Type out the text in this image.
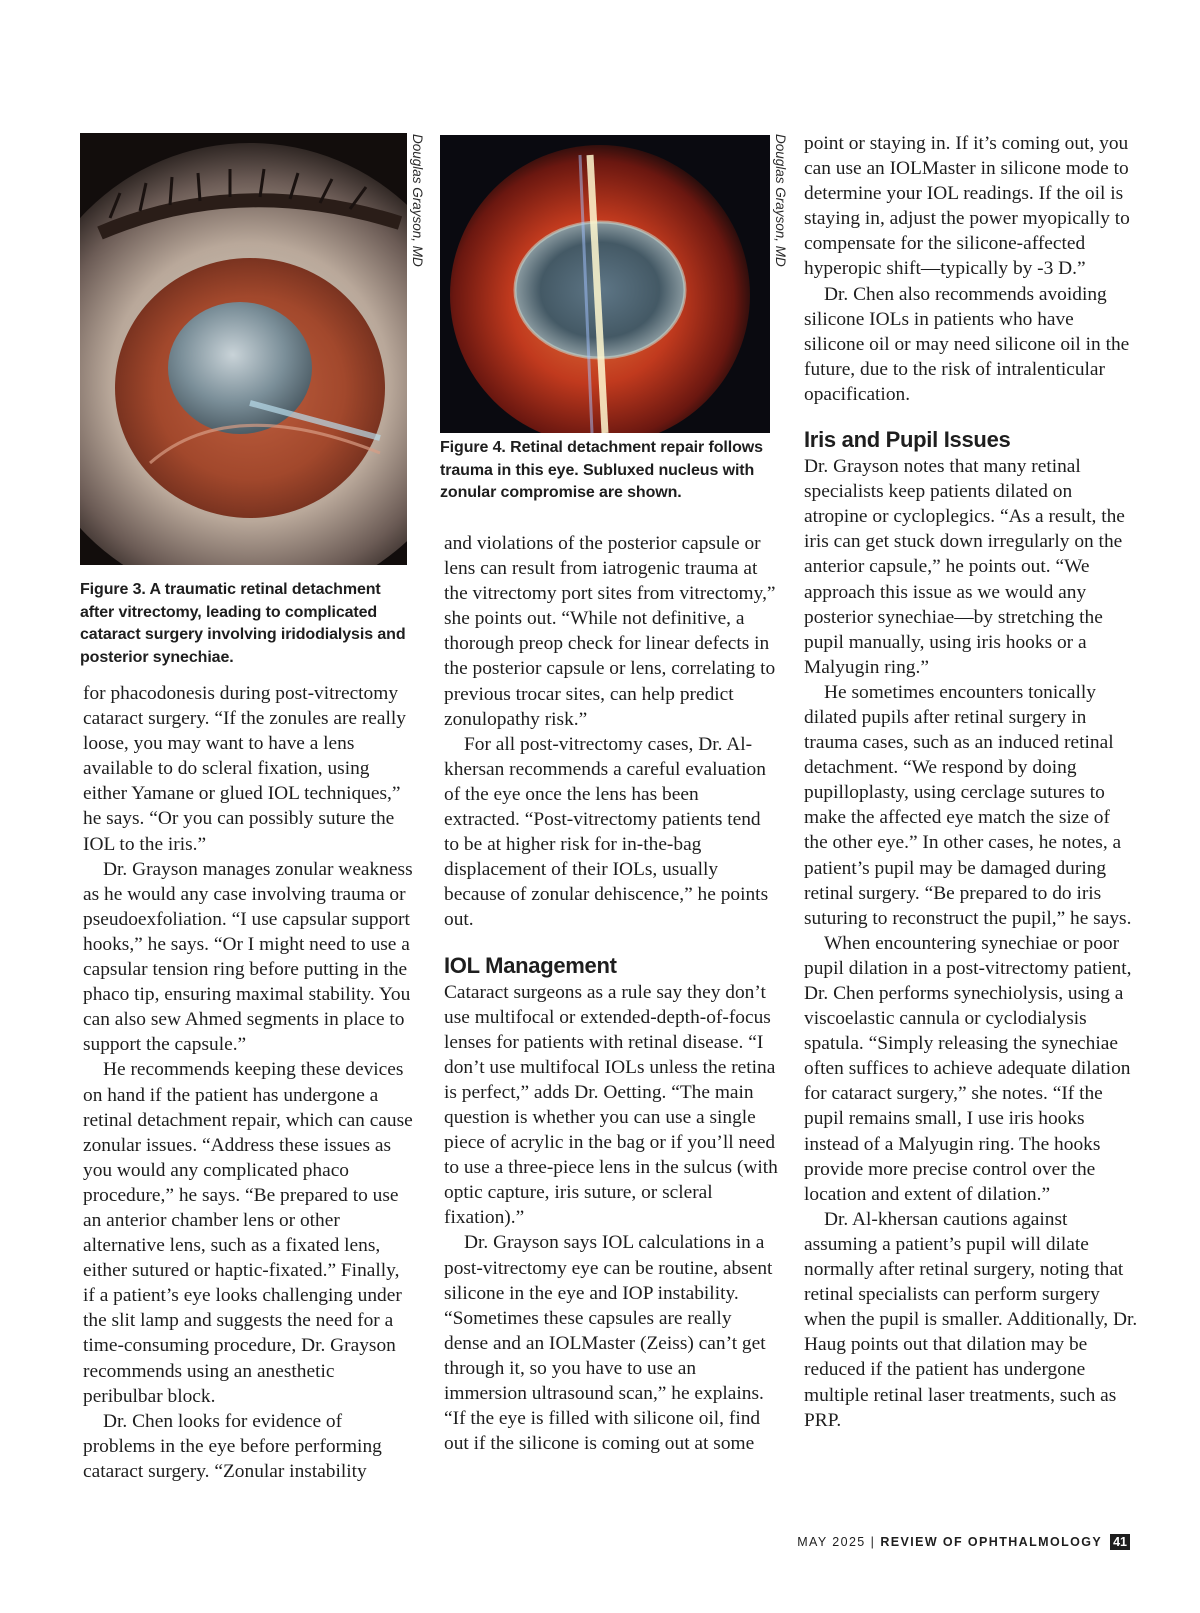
Douglas Grayson, MD
Figure 3. A traumatic retinal detachment after vitrectomy, leading to complicated cataract surgery involving iridodialysis and posterior synechiae.
Douglas Grayson, MD
Figure 4. Retinal detachment repair follows trauma in this eye. Subluxed nucleus with zonular compromise are shown.

for phacodonesis during post-vitrectomy cataract surgery. “If the zonules are really loose, you may want to have a lens available to do scleral fixation, using either Yamane or glued IOL techniques,” he says. “Or you can possibly suture the IOL to the iris.”

Dr. Grayson manages zonular weakness as he would any case involving trauma or pseudoexfoliation. “I use capsular support hooks,” he says. “Or I might need to use a capsular tension ring before putting in the phaco tip, ensuring maximal stability. You can also sew Ahmed segments in place to support the capsule.”

He recommends keeping these devices on hand if the patient has undergone a retinal detachment repair, which can cause zonular issues. “Address these issues as you would any complicated phaco procedure,” he says. “Be prepared to use an anterior chamber lens or other alternative lens, such as a fixated lens, either sutured or haptic-fixated.” Finally, if a patient’s eye looks challenging under the slit lamp and suggests the need for a time-consuming procedure, Dr. Grayson recommends using an anesthetic peribulbar block.

Dr. Chen looks for evidence of problems in the eye before performing cataract surgery. “Zonular instability

and violations of the posterior capsule or lens can result from iatrogenic trauma at the vitrectomy port sites from vitrectomy,” she points out. “While not definitive, a thorough preop check for linear defects in the posterior capsule or lens, correlating to previous trocar sites, can help predict zonulopathy risk.”

For all post-vitrectomy cases, Dr. Al-khersan recommends a careful evaluation of the eye once the lens has been extracted. “Post-vitrectomy patients tend to be at higher risk for in-the-bag displacement of their IOLs, usually because of zonular dehiscence,” he points out.

IOL Management

Cataract surgeons as a rule say they don’t use multifocal or extended-depth-of-focus lenses for patients with retinal disease. “I don’t use multifocal IOLs unless the retina is perfect,” adds Dr. Oetting. “The main question is whether you can use a single piece of acrylic in the bag or if you’ll need to use a three-piece lens in the sulcus (with optic capture, iris suture, or scleral fixation).”

Dr. Grayson says IOL calculations in a post-vitrectomy eye can be routine, absent silicone in the eye and IOP instability. “Sometimes these capsules are really dense and an IOLMaster (Zeiss) can’t get through it, so you have to use an immersion ultrasound scan,” he explains. “If the eye is filled with silicone oil, find out if the silicone is coming out at some

point or staying in. If it’s coming out, you can use an IOLMaster in silicone mode to determine your IOL readings. If the oil is staying in, adjust the power myopically to compensate for the silicone-affected hyperopic shift—typically by -3 D.”

Dr. Chen also recommends avoiding silicone IOLs in patients who have silicone oil or may need silicone oil in the future, due to the risk of intralenticular opacification.

Iris and Pupil Issues

Dr. Grayson notes that many retinal specialists keep patients dilated on atropine or cycloplegics. “As a result, the iris can get stuck down irregularly on the anterior capsule,” he points out. “We approach this issue as we would any posterior synechiae—by stretching the pupil manually, using iris hooks or a Malyugin ring.”

He sometimes encounters tonically dilated pupils after retinal surgery in trauma cases, such as an induced retinal detachment. “We respond by doing pupilloplasty, using cerclage sutures to make the affected eye match the size of the other eye.” In other cases, he notes, a patient’s pupil may be damaged during retinal surgery. “Be prepared to do iris suturing to reconstruct the pupil,” he says.

When encountering synechiae or poor pupil dilation in a post-vitrectomy patient, Dr. Chen performs synechiolysis, using a viscoelastic cannula or cyclodialysis spatula. “Simply releasing the synechiae often suffices to achieve adequate dilation for cataract surgery,” she notes. “If the pupil remains small, I use iris hooks instead of a Malyugin ring. The hooks provide more precise control over the location and extent of dilation.”

Dr. Al-khersan cautions against assuming a patient’s pupil will dilate normally after retinal surgery, noting that retinal specialists can perform surgery when the pupil is smaller. Additionally, Dr. Haug points out that dilation may be reduced if the patient has undergone multiple retinal laser treatments, such as PRP.

MAY 2025 | REVIEW OF OPHTHALMOLOGY 41
